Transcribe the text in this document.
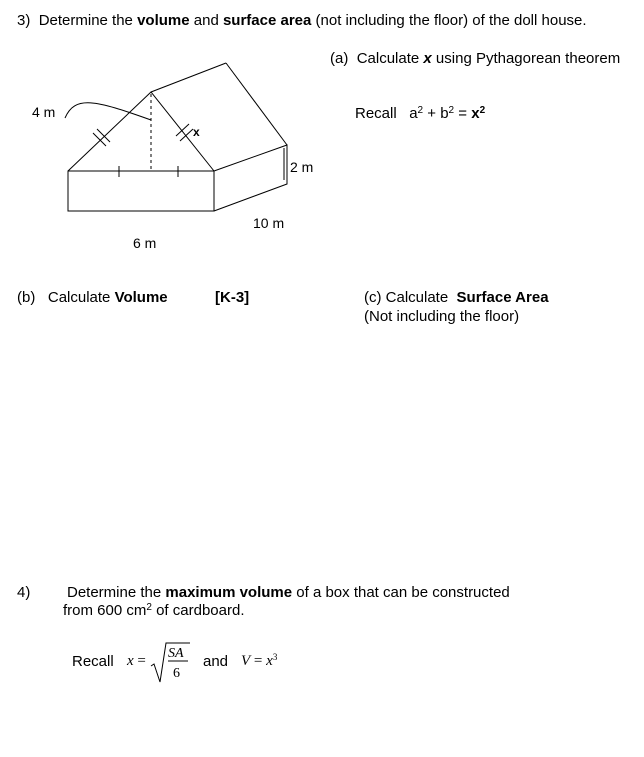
3) Determine the volume and surface area (not including the floor) of the doll house.
(a) Calculate x using Pythagorean theorem
Recall $a^2 + b^2 = x^2$
4 m
x
2 m
10 m
6 m
(b) Calculate Volume	[K-3]	(c) Calculate Surface Area
(Not including the floor)
4) Determine the maximum volume of a box that can be constructed
from 600 $cm^2$ of cardboard.
Recall x = SA
6
and $V = x^3$
